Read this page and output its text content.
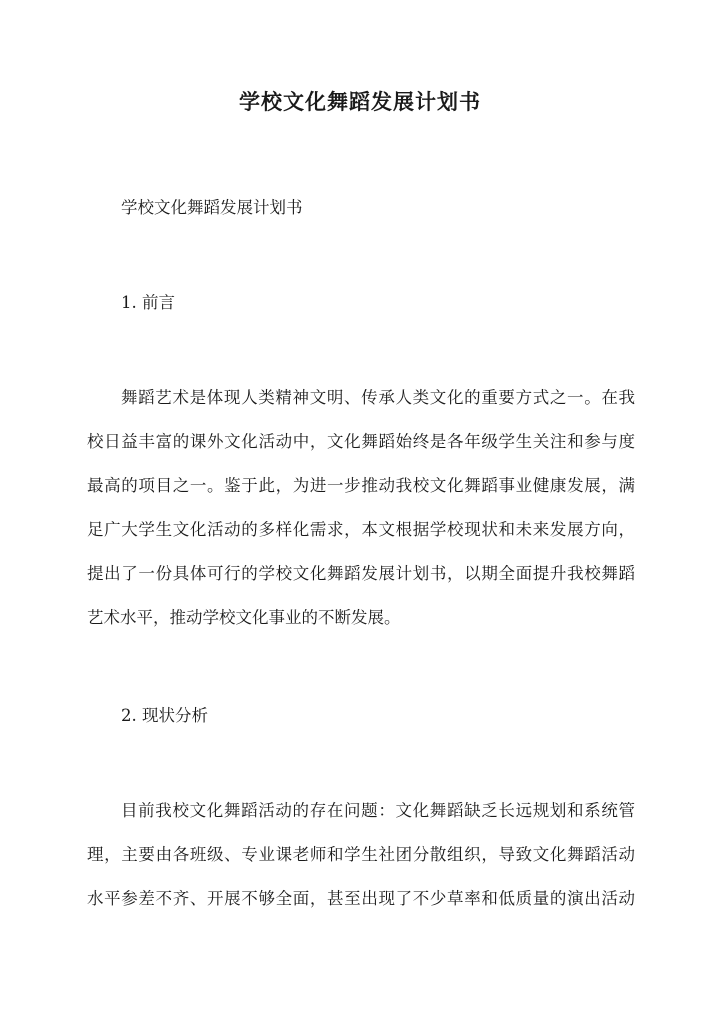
学校文化舞蹈发展计划书
学校文化舞蹈发展计划书
1. 前言
舞蹈艺术是体现人类精神文明、传承人类文化的重要方式之一。在我
校日益丰富的课外文化活动中，文化舞蹈始终是各年级学生关注和参与度
最高的项目之一。鉴于此，为进一步推动我校文化舞蹈事业健康发展，满
足广大学生文化活动的多样化需求，本文根据学校现状和未来发展方向，
提出了一份具体可行的学校文化舞蹈发展计划书，以期全面提升我校舞蹈
艺术水平，推动学校文化事业的不断发展。
2. 现状分析
目前我校文化舞蹈活动的存在问题：文化舞蹈缺乏长远规划和系统管
理，主要由各班级、专业课老师和学生社团分散组织，导致文化舞蹈活动
水平参差不齐、开展不够全面，甚至出现了不少草率和低质量的演出活动
